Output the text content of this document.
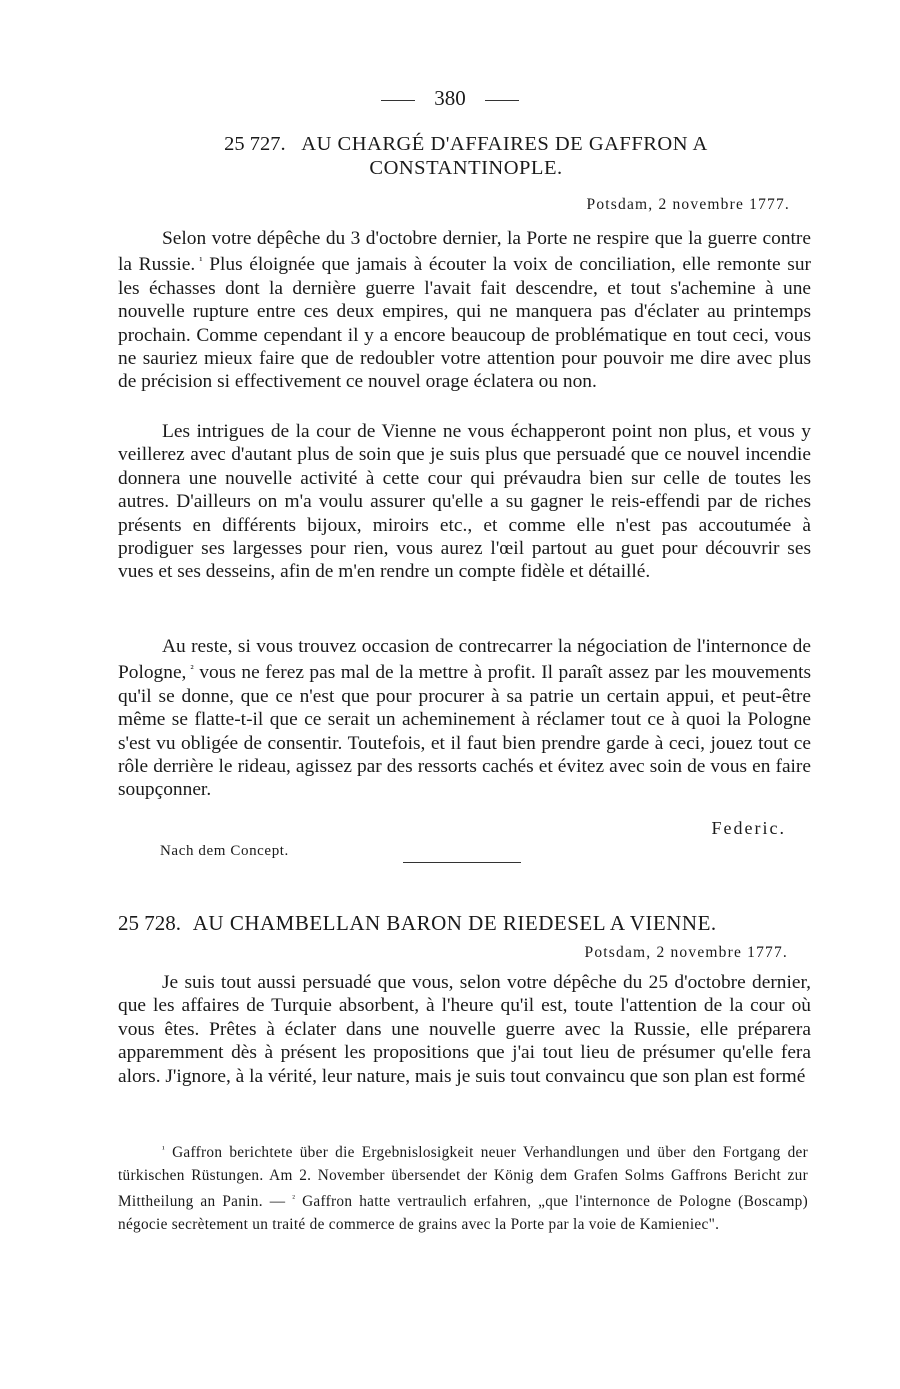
380
25 727. AU CHARGÉ D'AFFAIRES DE GAFFRON A
CONSTANTINOPLE.
Potsdam, 2 novembre 1777.

Selon votre dépêche du 3 d'octobre dernier, la Porte ne respire que la guerre contre la Russie. $^{^1}$ Plus éloignée que jamais à écouter la voix de conciliation, elle remonte sur les échasses dont la dernière guerre l'avait fait descendre, et tout s'achemine à une nouvelle rupture entre ces deux empires, qui ne manquera pas d'éclater au printemps prochain. Comme cependant il y a encore beaucoup de problématique en tout ceci, vous ne sauriez mieux faire que de redoubler votre attention pour pouvoir me dire avec plus de précision si effectivement ce nouvel orage éclatera ou non.

Les intrigues de la cour de Vienne ne vous échapperont point non plus, et vous y veillerez avec d'autant plus de soin que je suis plus que persuadé que ce nouvel incendie donnera une nouvelle activité à cette cour qui prévaudra bien sur celle de toutes les autres. D'ailleurs on m'a voulu assurer qu'elle a su gagner le reis-effendi par de riches présents en différents bijoux, miroirs etc., et comme elle n'est pas accoutumée à prodiguer ses largesses pour rien, vous aurez l'œil partout au guet pour découvrir ses vues et ses desseins, afin de m'en rendre un compte fidèle et détaillé.

Au reste, si vous trouvez occasion de contrecarrer la négociation de l'internonce de Pologne, $^{^2}$ vous ne ferez pas mal de la mettre à profit. Il paraît assez par les mouvements qu'il se donne, que ce n'est que pour procurer à sa patrie un certain appui, et peut-être même se flatte-t-il que ce serait un acheminement à réclamer tout ce à quoi la Pologne s'est vu obligée de consentir. Toutefois, et il faut bien prendre garde à ceci, jouez tout ce rôle derrière le rideau, agissez par des ressorts cachés et évitez avec soin de vous en faire soupçonner.

Federic.
Nach dem Concept.
25 728. AU CHAMBELLAN BARON DE RIEDESEL A VIENNE.
Potsdam, 2 novembre 1777.

Je suis tout aussi persuadé que vous, selon votre dépêche du 25 d'octobre dernier, que les affaires de Turquie absorbent, à l'heure qu'il est, toute l'attention de la cour où vous êtes. Prêtes à éclater dans une nouvelle guerre avec la Russie, elle préparera apparemment dès à présent les propositions que j'ai tout lieu de présumer qu'elle fera alors. J'ignore, à la vérité, leur nature, mais je suis tout convaincu que son plan est formé

$^{^1}$ Gaffron berichtete über die Ergebnislosigkeit neuer Verhandlungen und über den Fortgang der türkischen Rüstungen. Am 2. November übersendet der König dem Grafen Solms Gaffrons Bericht zur Mittheilung an Panin. — $^{^2}$ Gaffron hatte vertraulich erfahren, „que l'internonce de Pologne (Boscamp) négocie secrètement un traité de commerce de grains avec la Porte par la voie de Kamieniec".
